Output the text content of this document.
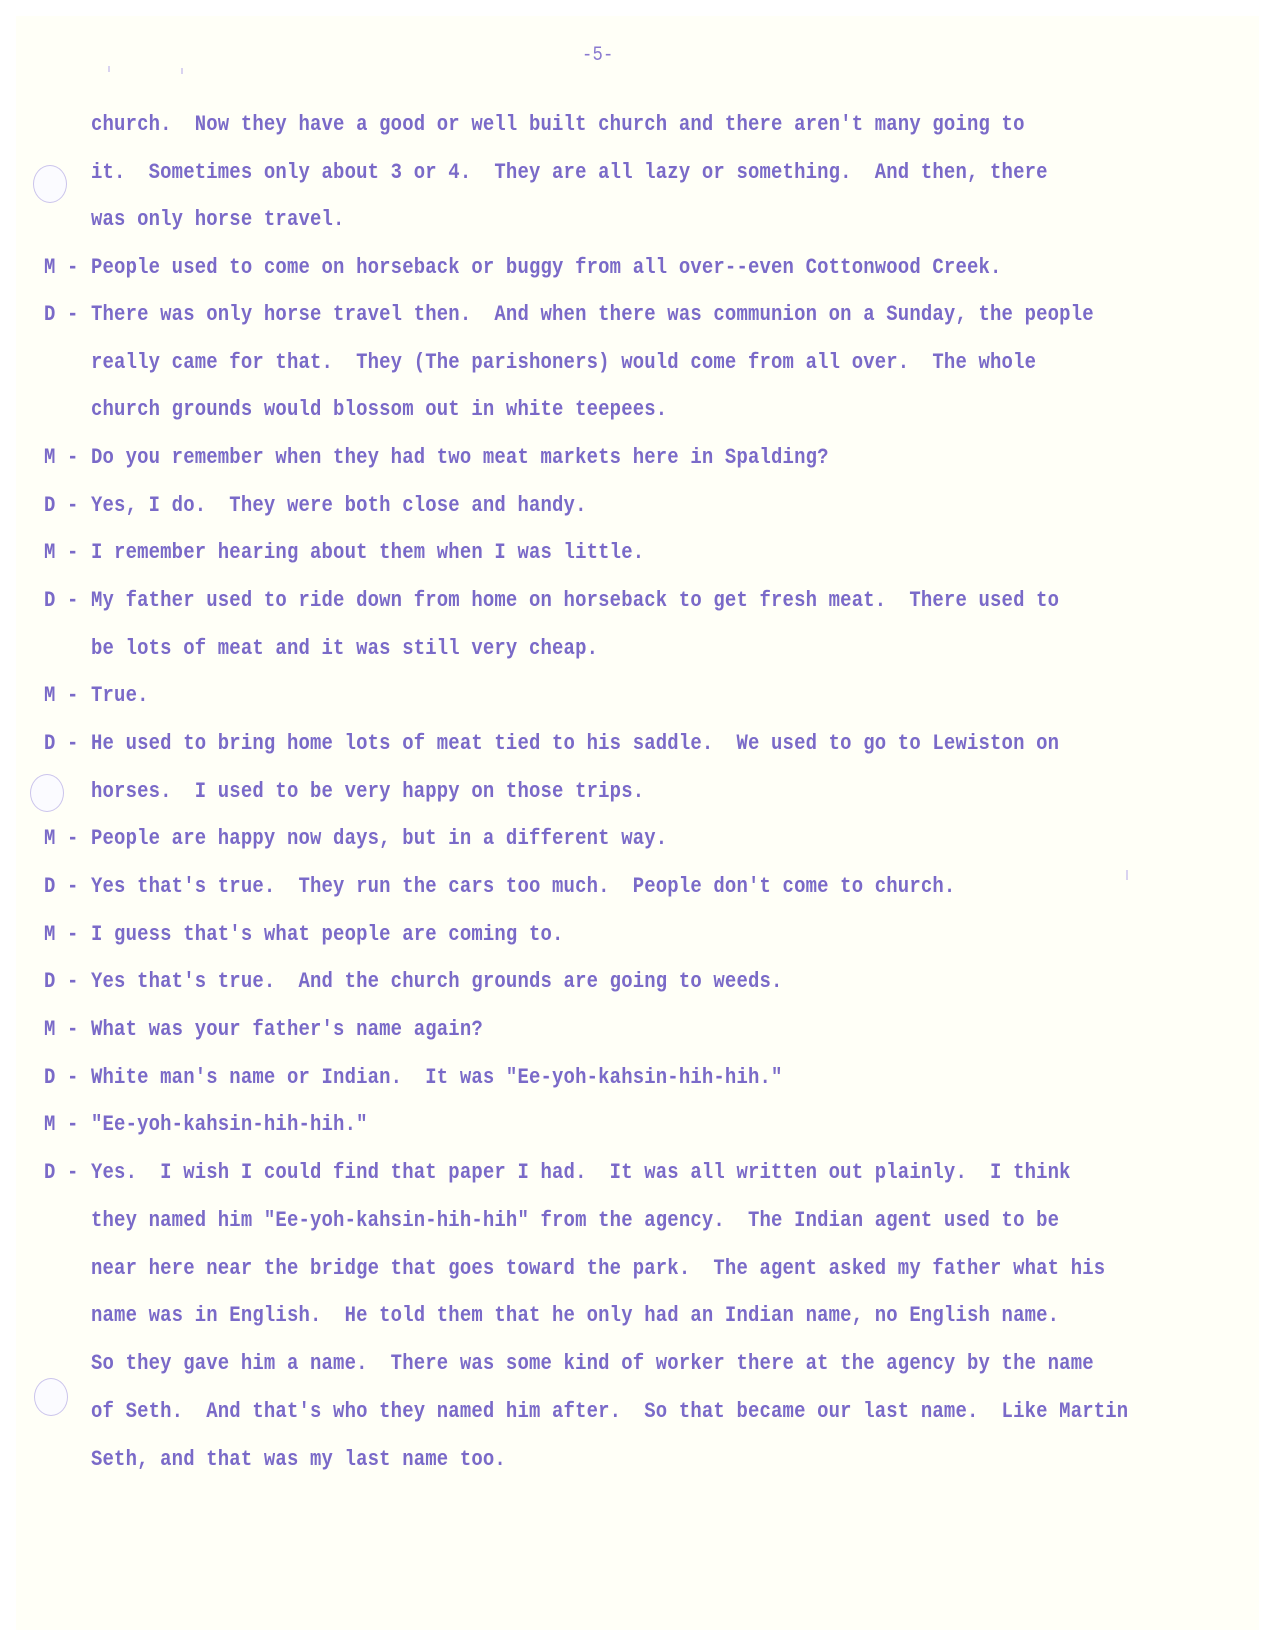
-5-
church.  Now they have a good or well built church and there aren't many going to
it.  Sometimes only about 3 or 4.  They are all lazy or something.  And then, there
was only horse travel.
M - People used to come on horseback or buggy from all over--even Cottonwood Creek.
D - There was only horse travel then.  And when there was communion on a Sunday, the people
really came for that.  They (The parishoners) would come from all over.  The whole
church grounds would blossom out in white teepees.
M - Do you remember when they had two meat markets here in Spalding?
D - Yes, I do.  They were both close and handy.
M - I remember hearing about them when I was little.
D - My father used to ride down from home on horseback to get fresh meat.  There used to
be lots of meat and it was still very cheap.
M - True.
D - He used to bring home lots of meat tied to his saddle.  We used to go to Lewiston on
horses.  I used to be very happy on those trips.
M - People are happy now days, but in a different way.
D - Yes that's true.  They run the cars too much.  People don't come to church.
M - I guess that's what people are coming to.
D - Yes that's true.  And the church grounds are going to weeds.
M - What was your father's name again?
D - White man's name or Indian.  It was "Ee-yoh-kahsin-hih-hih."
M - "Ee-yoh-kahsin-hih-hih."
D - Yes.  I wish I could find that paper I had.  It was all written out plainly.  I think
they named him "Ee-yoh-kahsin-hih-hih" from the agency.  The Indian agent used to be
near here near the bridge that goes toward the park.  The agent asked my father what his
name was in English.  He told them that he only had an Indian name, no English name.
So they gave him a name.  There was some kind of worker there at the agency by the name
of Seth.  And that's who they named him after.  So that became our last name.  Like Martin
Seth, and that was my last name too.
